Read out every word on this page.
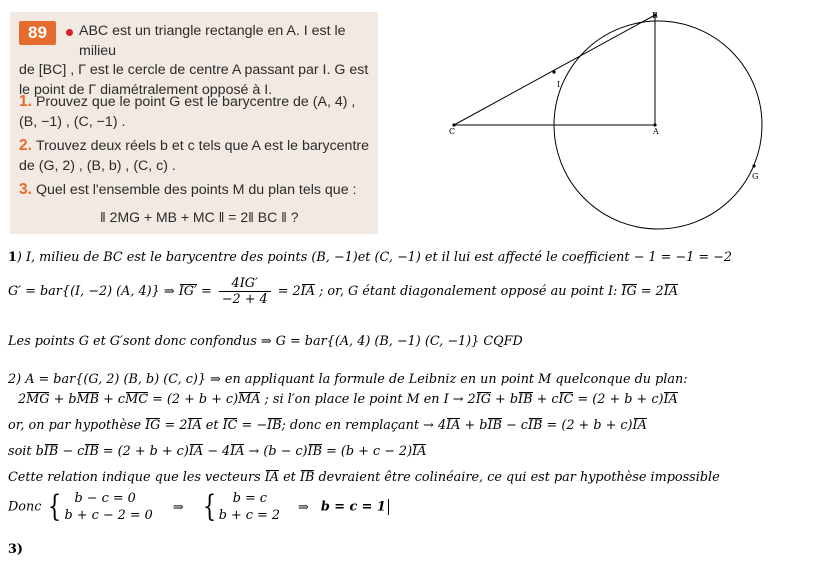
89	ABC est un triangle rectangle en A. I est le milieu
de [BC] , Γ est le cercle de centre A passant par I. G est
le point de Γ diamétralement opposé à I.
1. Prouvez que le point G est le barycentre de (A, 4) ,
(B, −1) , (C, −1) .
2. Trouvez deux réels b et c tels que A est le barycentre
de (G, 2) , (B, b) , (C, c) .
3. Quel est l'ensemble des points M du plan tels que :
‖ 2MG + MB + MC ‖ = 2‖ BC ‖ ?
B
I
C	A
G
1) I, milieu de BC est le barycentre des points (B, −1)et (C, −1) et il lui est affecté le coefficient − 1 = −1 = −2
G′ = bar{(I, −2) (A, 4)} ⇒ $IG' = \frac{4IG'}{-2 + 4} = 2IA$ ; or, G étant diagonalement opposé au point I: IG = 2IA
Les points G et G′sont donc confondus ⇒ G = bar{(A, 4) (B, −1) (C, −1)} CQFD
2) A = bar{(G, 2) (B, b) (C, c)} ⇒ en appliquant la formule de Leibniz en un point M quelconque du plan:
2MG + bMB + cMC = (2 + b + c)MA ; si l′on place le point M en I → 2IG + bIB + cIC = (2 + b + c)IA
or, on par hypothèse IG = 2IA et IC = −IB; donc en remplaçant → 4IA + bIB − cIB = (2 + b + c)IA
soit bIB − cIB = (2 + b + c)IA − 4IA → (b − c)IB = (b + c − 2)IA
Cette relation indique que les vecteurs IA et IB devraient être colinéaire, ce qui est par hypothèse impossible
Donc {	b − c = 0
b + c − 2 = 0
⇒ {	b = c
b + c = 2
⇒ b = c = 1
3)
